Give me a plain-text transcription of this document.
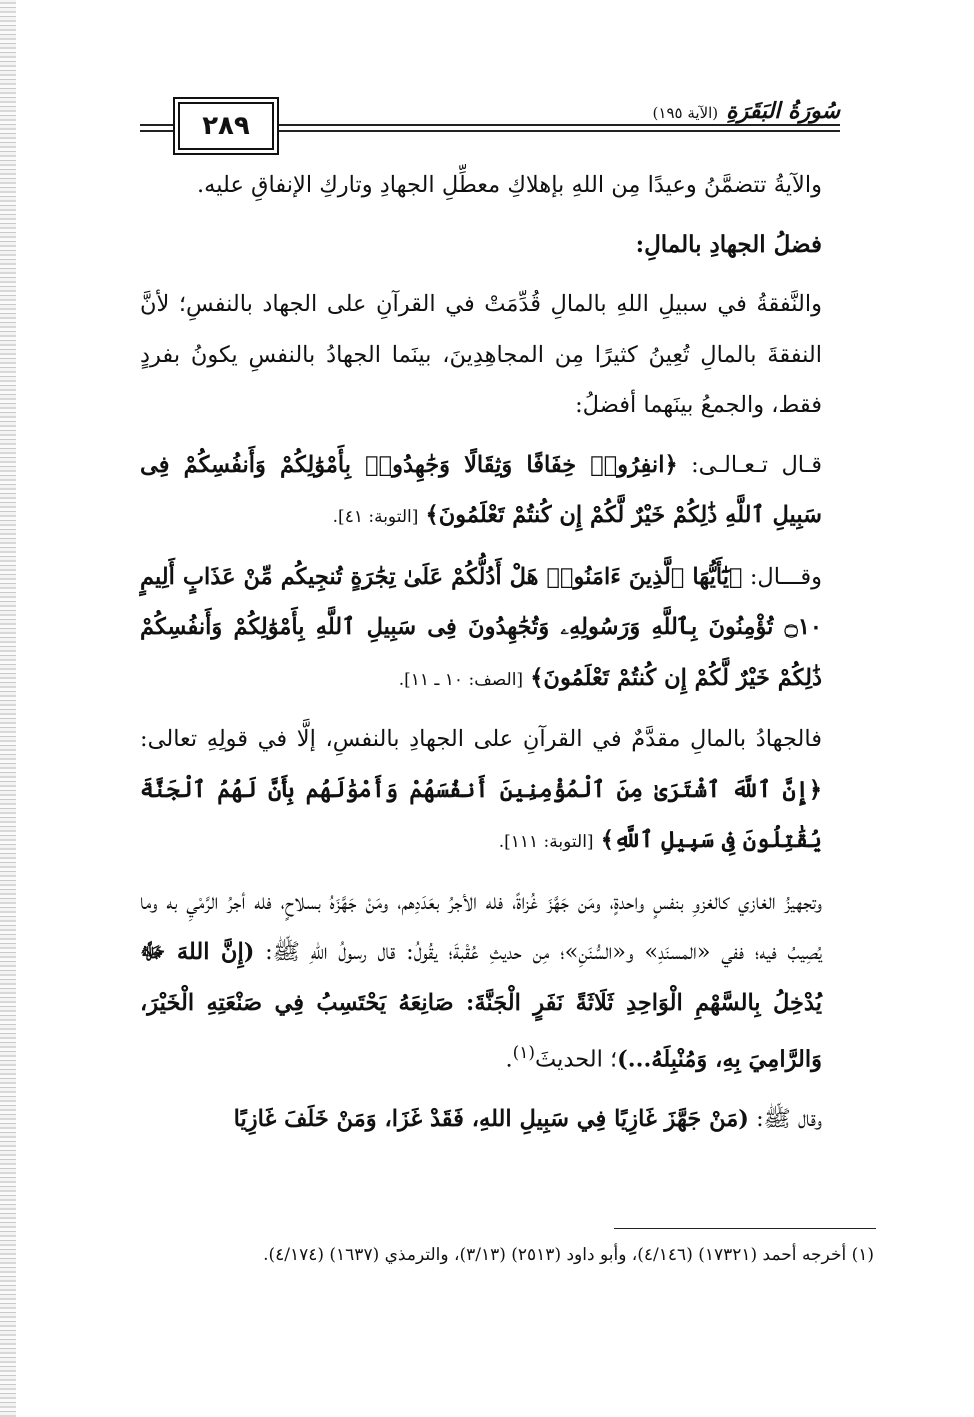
٢٨٩	سُورَةُ البَقَرَةِ
(الآية ١٩٥)

والآيةُ تتضمَّنُ وعيدًا مِن اللهِ بإهلاكِ معطِّلِ الجهادِ وتاركِ الإنفاقِ عليه.

فضلُ الجهادِ بالمالِ:

والنَّفقةُ في سبيلِ اللهِ بالمالِ قُدِّمَتْ في القرآنِ على الجهاد بالنفسِ؛ لأنَّ النفقةَ بالمالِ تُعِينُ كثيرًا مِن المجاهِدِينَ، بينَما الجهادُ بالنفسِ يكونُ بفردٍ فقط، والجمعُ بينَهما أفضلُ:

قـال تـعـالـى: ﴿انفِرُوا۟ خِفَافًا وَثِقَالًا وَجَٰهِدُوا۟ بِأَمْوَٰلِكُمْ وَأَنفُسِكُمْ فِى سَبِيلِ ٱللَّهِ ذَٰلِكُمْ خَيْرٌ لَّكُمْ إِن كُنتُمْ تَعْلَمُونَ﴾ [التوبة: ٤١].

وقـــال: ﴿يَٰٓأَيُّهَا ٱلَّذِينَ ءَامَنُوا۟ هَلْ أَدُلُّكُمْ عَلَىٰ تِجَٰرَةٍ تُنجِيكُم مِّنْ عَذَابٍ أَلِيمٍ ۝١٠ تُؤْمِنُونَ بِٱللَّهِ وَرَسُولِهِۦ وَتُجَٰهِدُونَ فِى سَبِيلِ ٱللَّهِ بِأَمْوَٰلِكُمْ وَأَنفُسِكُمْ ذَٰلِكُمْ خَيْرٌ لَّكُمْ إِن كُنتُمْ تَعْلَمُونَ﴾ [الصف: ١٠ ـ ١١].

فالجهادُ بالمالِ مقدَّمٌ في القرآنِ على الجهادِ بالنفسِ، إلَّا في قولِهِ تعالى: ﴿إِنَّ ٱللَّهَ ٱشْتَرَىٰ مِنَ ٱلْمُؤْمِنِينَ أَنفُسَهُمْ وَأَمْوَٰلَهُم بِأَنَّ لَهُمُ ٱلْجَنَّةَ يُقَٰتِلُونَ فِى سَبِيلِ ٱللَّهِ﴾ [التوبة: ١١١].

وتجهيزُ الغازي كالغزوِ بنفسٍ واحدةٍ، ومَن جَهَّزَ غُزاةً، فله الأجرُ بعَدَدِهم، ومَنْ جَهَّزَهُ بسلاحٍ، فله أجرُ الرَّمْيِ به وما يُصِيبُ فيه؛ ففي «المسنَدِ» و«السُّنَنِ»؛ مِن حديثِ عُقْبةَ؛ يقُولُ: قال رسولُ اللهِ ﷺ: (إِنَّ اللهَ ﷻ يُدْخِلُ بِالسَّهْمِ الْوَاحِدِ ثَلَاثَةً نَفَرٍ الْجَنَّةَ: صَانِعَهُ يَحْتَسِبُ فِي صَنْعَتِهِ الْخَيْرَ، وَالرَّامِيَ بِهِ، وَمُنْبِلَهُ...)؛ الحديثَ$^{(١)}$.

وقال ﷺ: (مَنْ جَهَّزَ غَازِيًا فِي سَبِيلِ اللهِ، فَقَدْ غَزَا، وَمَنْ خَلَفَ غَازِيًا

(١) أخرجه أحمد (١٧٣٢١) (٤/١٤٦)، وأبو داود (٢٥١٣) (٣/١٣)، والترمذي (١٦٣٧) (٤/١٧٤).
